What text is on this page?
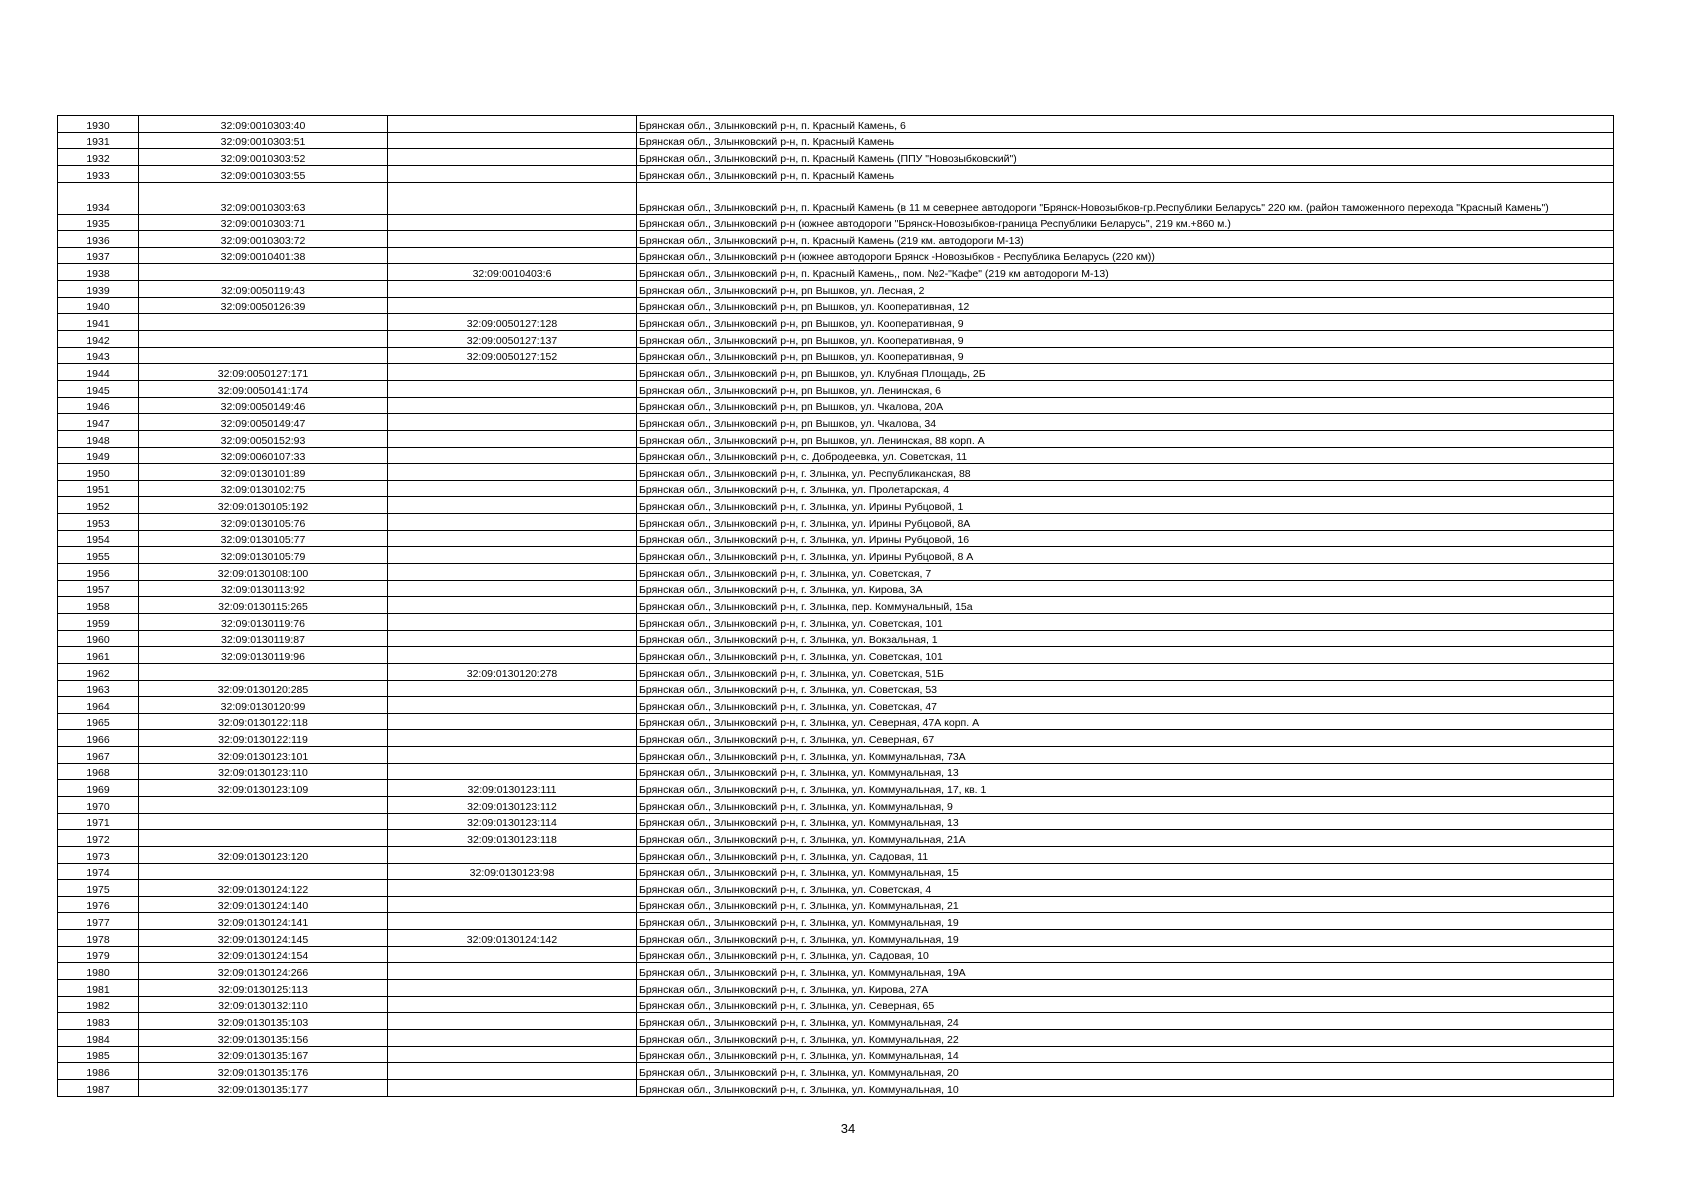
1930	32:09:0010303:40		Брянская обл., Злынковский р-н, п. Красный Камень, 6
1931	32:09:0010303:51		Брянская обл., Злынковский р-н, п. Красный Камень
1932	32:09:0010303:52		Брянская обл., Злынковский р-н, п. Красный Камень (ППУ "Новозыбковский")
1933	32:09:0010303:55		Брянская обл., Злынковский р-н, п. Красный Камень
1934	32:09:0010303:63		Брянская обл., Злынковский р-н, п. Красный Камень (в 11 м севернее автодороги "Брянск-Новозыбков-гр.Республики Беларусь" 220 км. (район таможенного перехода "Красный Камень")
1935	32:09:0010303:71		Брянская обл., Злынковский р-н (южнее автодороги "Брянск-Новозыбков-граница Республики Беларусь", 219 км.+860 м.)
1936	32:09:0010303:72		Брянская обл., Злынковский р-н, п. Красный Камень (219 км. автодороги М-13)
1937	32:09:0010401:38		Брянская обл., Злынковский р-н (южнее автодороги Брянск -Новозыбков - Республика Беларусь (220 км))
1938		32:09:0010403:6	Брянская обл., Злынковский р-н, п. Красный Камень,, пом. №2-"Кафе" (219 км автодороги М-13)
1939	32:09:0050119:43		Брянская обл., Злынковский р-н, рп Вышков, ул. Лесная, 2
1940	32:09:0050126:39		Брянская обл., Злынковский р-н, рп Вышков, ул. Кооперативная, 12
1941		32:09:0050127:128	Брянская обл., Злынковский р-н, рп Вышков, ул. Кооперативная, 9
1942		32:09:0050127:137	Брянская обл., Злынковский р-н, рп Вышков, ул. Кооперативная, 9
1943		32:09:0050127:152	Брянская обл., Злынковский р-н, рп Вышков, ул. Кооперативная, 9
1944	32:09:0050127:171		Брянская обл., Злынковский р-н, рп Вышков, ул. Клубная Площадь, 2Б
1945	32:09:0050141:174		Брянская обл., Злынковский р-н, рп Вышков, ул. Ленинская, 6
1946	32:09:0050149:46		Брянская обл., Злынковский р-н, рп Вышков, ул. Чкалова, 20А
1947	32:09:0050149:47		Брянская обл., Злынковский р-н, рп Вышков, ул. Чкалова, 34
1948	32:09:0050152:93		Брянская обл., Злынковский р-н, рп Вышков, ул. Ленинская, 88 корп. А
1949	32:09:0060107:33		Брянская обл., Злынковский р-н, с. Добродеевка, ул. Советская, 11
1950	32:09:0130101:89		Брянская обл., Злынковский р-н, г. Злынка, ул. Республиканская, 88
1951	32:09:0130102:75		Брянская обл., Злынковский р-н, г. Злынка, ул. Пролетарская, 4
1952	32:09:0130105:192		Брянская обл., Злынковский р-н, г. Злынка, ул. Ирины Рубцовой, 1
1953	32:09:0130105:76		Брянская обл., Злынковский р-н, г. Злынка, ул. Ирины Рубцовой, 8А
1954	32:09:0130105:77		Брянская обл., Злынковский р-н, г. Злынка, ул. Ирины Рубцовой, 16
1955	32:09:0130105:79		Брянская обл., Злынковский р-н, г. Злынка, ул. Ирины Рубцовой, 8 А
1956	32:09:0130108:100		Брянская обл., Злынковский р-н, г. Злынка, ул. Советская, 7
1957	32:09:0130113:92		Брянская обл., Злынковский р-н, г. Злынка, ул. Кирова, 3А
1958	32:09:0130115:265		Брянская обл., Злынковский р-н, г. Злынка, пер. Коммунальный, 15а
1959	32:09:0130119:76		Брянская обл., Злынковский р-н, г. Злынка, ул. Советская, 101
1960	32:09:0130119:87		Брянская обл., Злынковский р-н, г. Злынка, ул. Вокзальная, 1
1961	32:09:0130119:96		Брянская обл., Злынковский р-н, г. Злынка, ул. Советская, 101
1962		32:09:0130120:278	Брянская обл., Злынковский р-н, г. Злынка, ул. Советская, 51Б
1963	32:09:0130120:285		Брянская обл., Злынковский р-н, г. Злынка, ул. Советская, 53
1964	32:09:0130120:99		Брянская обл., Злынковский р-н, г. Злынка, ул. Советская, 47
1965	32:09:0130122:118		Брянская обл., Злынковский р-н, г. Злынка, ул. Северная, 47А корп. А
1966	32:09:0130122:119		Брянская обл., Злынковский р-н, г. Злынка, ул. Северная, 67
1967	32:09:0130123:101		Брянская обл., Злынковский р-н, г. Злынка, ул. Коммунальная, 73А
1968	32:09:0130123:110		Брянская обл., Злынковский р-н, г. Злынка, ул. Коммунальная, 13
1969	32:09:0130123:109	32:09:0130123:111	Брянская обл., Злынковский р-н, г. Злынка, ул. Коммунальная, 17, кв. 1
1970		32:09:0130123:112	Брянская обл., Злынковский р-н, г. Злынка, ул. Коммунальная, 9
1971		32:09:0130123:114	Брянская обл., Злынковский р-н, г. Злынка, ул. Коммунальная, 13
1972		32:09:0130123:118	Брянская обл., Злынковский р-н, г. Злынка, ул. Коммунальная, 21А
1973	32:09:0130123:120		Брянская обл., Злынковский р-н, г. Злынка, ул. Садовая, 11
1974		32:09:0130123:98	Брянская обл., Злынковский р-н, г. Злынка, ул. Коммунальная, 15
1975	32:09:0130124:122		Брянская обл., Злынковский р-н, г. Злынка, ул. Советская, 4
1976	32:09:0130124:140		Брянская обл., Злынковский р-н, г. Злынка, ул. Коммунальная, 21
1977	32:09:0130124:141		Брянская обл., Злынковский р-н, г. Злынка, ул. Коммунальная, 19
1978	32:09:0130124:145	32:09:0130124:142	Брянская обл., Злынковский р-н, г. Злынка, ул. Коммунальная, 19
1979	32:09:0130124:154		Брянская обл., Злынковский р-н, г. Злынка, ул. Садовая, 10
1980	32:09:0130124:266		Брянская обл., Злынковский р-н, г. Злынка, ул. Коммунальная, 19А
1981	32:09:0130125:113		Брянская обл., Злынковский р-н, г. Злынка, ул. Кирова, 27А
1982	32:09:0130132:110		Брянская обл., Злынковский р-н, г. Злынка, ул. Северная, 65
1983	32:09:0130135:103		Брянская обл., Злынковский р-н, г. Злынка, ул. Коммунальная, 24
1984	32:09:0130135:156		Брянская обл., Злынковский р-н, г. Злынка, ул. Коммунальная, 22
1985	32:09:0130135:167		Брянская обл., Злынковский р-н, г. Злынка, ул. Коммунальная, 14
1986	32:09:0130135:176		Брянская обл., Злынковский р-н, г. Злынка, ул. Коммунальная, 20
1987	32:09:0130135:177		Брянская обл., Злынковский р-н, г. Злынка, ул. Коммунальная, 10
34
